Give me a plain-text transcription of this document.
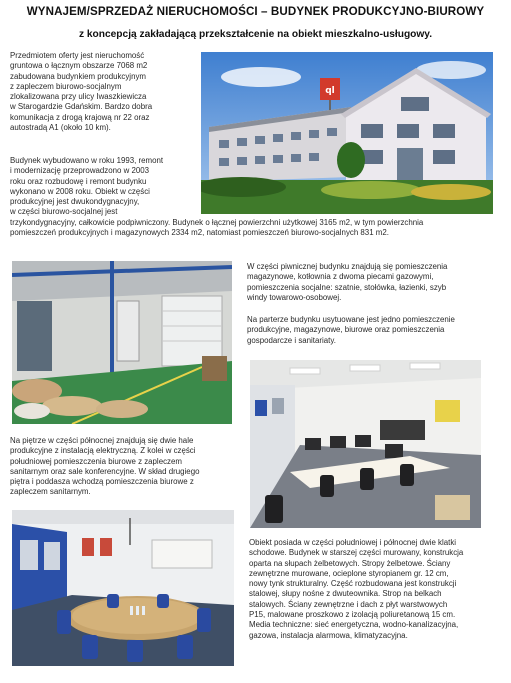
WYNAJEM/SPRZEDAŻ NIERUCHOMOŚCI – BUDYNEK PRODUKCYJNO-BIUROWY
z koncepcją zakładającą przekształcenie na obiekt mieszkalno-usługowy.

Przedmiotem oferty jest nieruchomość

gruntowa o łącznym obszarze 7068 m2

zabudowana budynkiem produkcyjnym

z zapleczem biurowo-socjalnym

zlokalizowana przy ulicy Iwaszkiewicza

w Starogardzie Gdańskim. Bardzo dobra

komunikacja z drogą krajową nr 22 oraz

autostradą A1 (około 10 km).

Budynek wybudowano w roku 1993, remont

i modernizację przeprowadzono w 2003

roku oraz rozbudowę i remont budynku

wykonano w 2008 roku. Obiekt w części

produkcyjnej jest dwukondygnacyjny,

w części biurowo-socjalnej jest

trzykondygnacyjny, całkowicie podpiwniczony. Budynek o łącznej powierzchni użytkowej 3165 m2, w tym powierzchnia

pomieszczeń produkcyjnych i magazynowych 2334 m2, natomiast pomieszczeń biurowo-socjalnych 831 m2.

ql

W części piwnicznej budynku znajdują się pomieszczenia

magazynowe, kotłownia z dwoma piecami gazowymi,

pomieszczenia socjalne: szatnie, stołówka, łazienki, szyb

windy towarowo-osobowej.

Na parterze budynku usytuowane jest jedno pomieszczenie

produkcyjne, magazynowe, biurowe oraz pomieszczenia

gospodarcze i sanitariaty.

Na piętrze w części północnej znajdują się dwie hale

produkcyjne z instalacją elektryczną. Z kolei w części

południowej pomieszczenia biurowe z zapleczem

sanitarnym oraz sale konferencyjne. W skład drugiego

piętra i poddasza wchodzą pomieszczenia biurowe z

zapleczem sanitarnym.

Obiekt posiada w części południowej i północnej dwie klatki

schodowe. Budynek w starszej części murowany, konstrukcja

oparta na słupach żelbetowych. Stropy żelbetowe. Ściany

zewnętrzne murowane, ocieplone styropianem gr. 12 cm,

nowy tynk strukturalny. Część rozbudowana jest konstrukcji

stalowej, słupy nośne z dwuteownika. Strop na belkach

stalowych. Ściany zewnętrzne i dach z płyt warstwowych

P15, malowane proszkowo z izolacją poliuretanową 15 cm.

Media techniczne: sieć energetyczna, wodno-kanalizacyjna,

gazowa, instalacja alarmowa, klimatyzacyjna.
